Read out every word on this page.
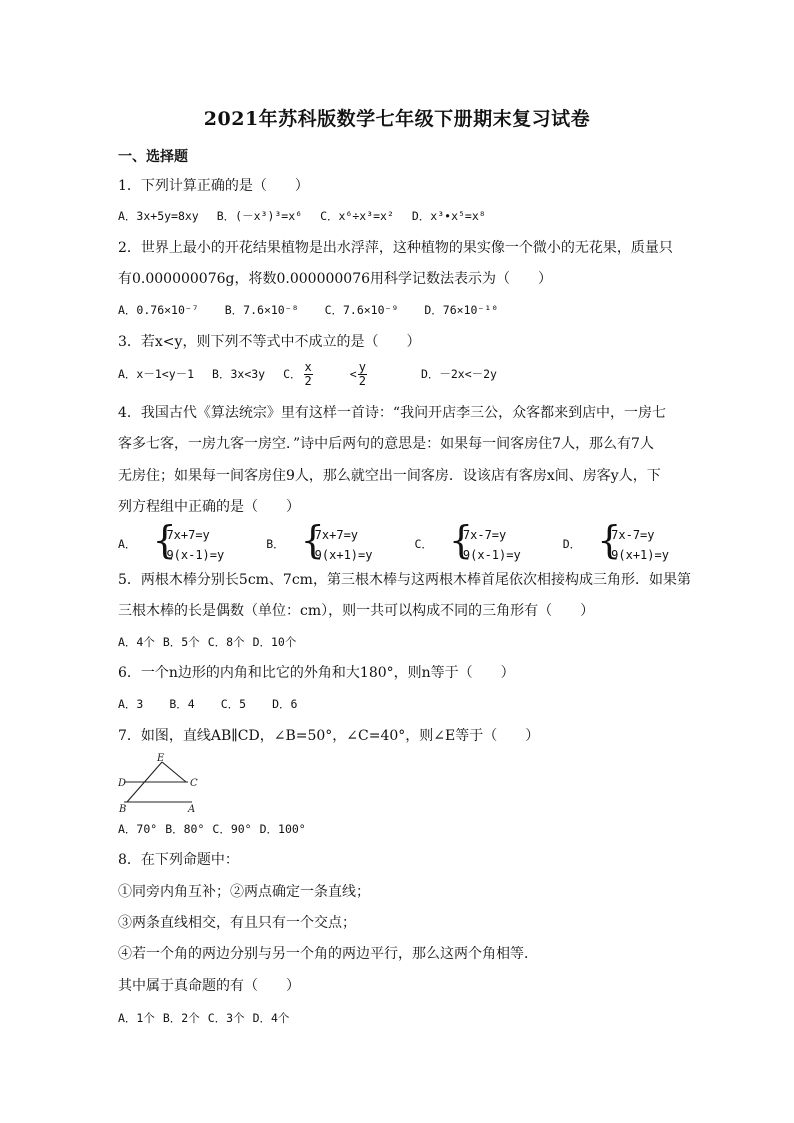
2021年苏科版数学七年级下册期末复习试卷
一、选择题
1．下列计算正确的是（　　）
A．3x+5y=8xy B．(－x³)³=x⁶ C．x⁶÷x³=x² D．x³•x⁵=x⁸
2．世界上最小的开花结果植物是出水浮萍，这种植物的果实像一个微小的无花果，质量只
有0.000000076g，将数0.000000076用科学记数法表示为（　　）
A．0.76×10⁻⁷ B．7.6×10⁻⁸ C．7.6×10⁻⁹ D．76×10⁻¹⁰
3．若x<y，则下列不等式中不成立的是（　　）
A．x－1<y－1 B．3x<3y C． $\frac{x}{2} < \frac{y}{2}$	D．－2x<－2y
4．我国古代《算法统宗》里有这样一首诗：“我问开店李三公，众客都来到店中，一房七
客多七客，一房九客一房空．”诗中后两句的意思是：如果每一间客房住7人，那么有7人
无房住；如果每一间客房住9人，那么就空出一间客房．设该店有客房x间、房客y人，下
列方程组中正确的是（　　）
A． {
7x+7=y
9(x-1)=y
B． {
7x+7=y
9(x+1)=y
C． {
7x-7=y
9(x-1)=y
D． {
7x-7=y
9(x+1)=y
5．两根木棒分别长5cm、7cm，第三根木棒与这两根木棒首尾依次相接构成三角形．如果第
三根木棒的长是偶数（单位：cm），则一共可以构成不同的三角形有（　　）
A．4个 B．5个 C．8个 D．10个
6．一个n边形的内角和比它的外角和大180°，则n等于（　　）
A．3 B．4 C．5 D．6
7．如图，直线AB∥CD，∠B=50°，∠C=40°，则∠E等于（　　）
E
D	C
B	A
A．70° B．80° C．90° D．100°
8．在下列命题中：
①同旁内角互补；②两点确定一条直线；
③两条直线相交，有且只有一个交点；
④若一个角的两边分别与另一个角的两边平行，那么这两个角相等．
其中属于真命题的有（　　）
A．1个 B．2个 C．3个 D．4个
